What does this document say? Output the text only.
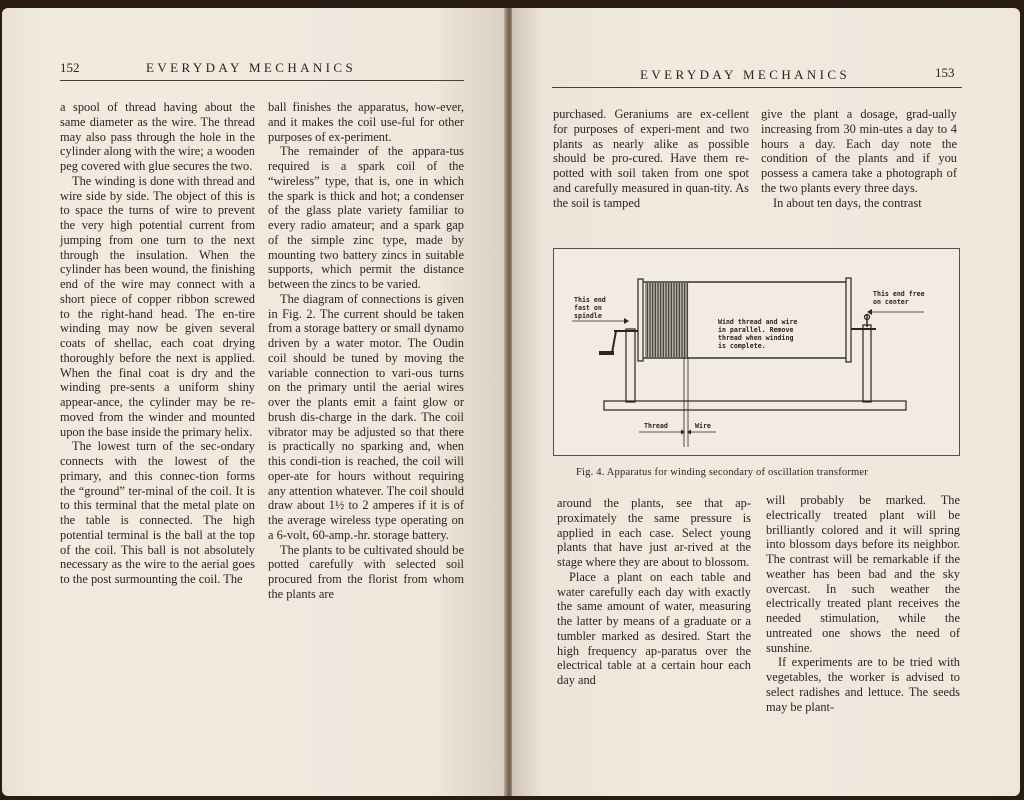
152	EVERYDAY MECHANICS

a spool of thread having about the same diameter as the wire. The thread may also pass through the hole in the cylinder along with the wire; a wooden peg covered with glue secures the two.

The winding is done with thread and wire side by side. The object of this is to space the turns of wire to prevent the very high potential current from jumping from one turn to the next through the insulation. When the cylinder has been wound, the finishing end of the wire may connect with a short piece of copper ribbon screwed to the right-hand head. The en-tire winding may now be given several coats of shellac, each coat drying thoroughly before the next is applied. When the final coat is dry and the winding pre-sents a uniform shiny appear-ance, the cylinder may be re-moved from the winder and mounted upon the base inside the primary helix.

The lowest turn of the sec-ondary connects with the lowest of the primary, and this connec-tion forms the “ground” ter-minal of the coil. It is to this terminal that the metal plate on the table is connected. The high potential terminal is the ball at the top of the coil. This ball is not absolutely necessary as the wire to the aerial goes to the post surmounting the coil. The

ball finishes the apparatus, how-ever, and it makes the coil use-ful for other purposes of ex-periment.

The remainder of the appara-tus required is a spark coil of the “wireless” type, that is, one in which the spark is thick and hot; a condenser of the glass plate variety familiar to every radio amateur; and a spark gap of the simple zinc type, made by mounting two battery zincs in suitable supports, which permit the distance between the zincs to be varied.

The diagram of connections is given in Fig. 2. The current should be taken from a storage battery or small dynamo driven by a water motor. The Oudin coil should be tuned by moving the variable connection to vari-ous turns on the primary until the aerial wires over the plants emit a faint glow or brush dis-charge in the dark. The coil vibrator may be adjusted so that there is practically no sparking and, when this condi-tion is reached, the coil will oper-ate for hours without requiring any attention whatever. The coil should draw about 1½ to 2 amperes if it is of the average wireless type operating on a 6-volt, 60-amp.-hr. storage battery.

The plants to be cultivated should be potted carefully with selected soil procured from the florist from whom the plants are

EVERYDAY MECHANICS	153

purchased. Geraniums are ex-cellent for purposes of experi-ment and two plants as nearly alike as possible should be pro-cured. Have them re-potted with soil taken from one spot and carefully measured in quan-tity. As the soil is tamped

give the plant a dosage, grad-ually increasing from 30 min-utes a day to 4 hours a day. Each day note the condition of the plants and if you possess a camera take a photograph of the two plants every three days.

In about ten days, the contrast

This end
fast on
spindle
This end free
on center
Wind thread and wire
in parallel. Remove
thread when winding
is complete.
Thread	Wire
Fig. 4. Apparatus for winding secondary of oscillation transformer

around the plants, see that ap-proximately the same pressure is applied in each case. Select young plants that have just ar-rived at the stage where they are about to blossom.

Place a plant on each table and water carefully each day with exactly the same amount of water, measuring the latter by means of a graduate or a tumbler marked as desired. Start the high frequency ap-paratus over the electrical table at a certain hour each day and

will probably be marked. The electrically treated plant will be brilliantly colored and it will spring into blossom days before its neighbor. The contrast will be remarkable if the weather has been bad and the sky overcast. In such weather the electrically treated plant receives the needed stimulation, while the untreated one shows the need of sunshine.

If experiments are to be tried with vegetables, the worker is advised to select radishes and lettuce. The seeds may be plant-
